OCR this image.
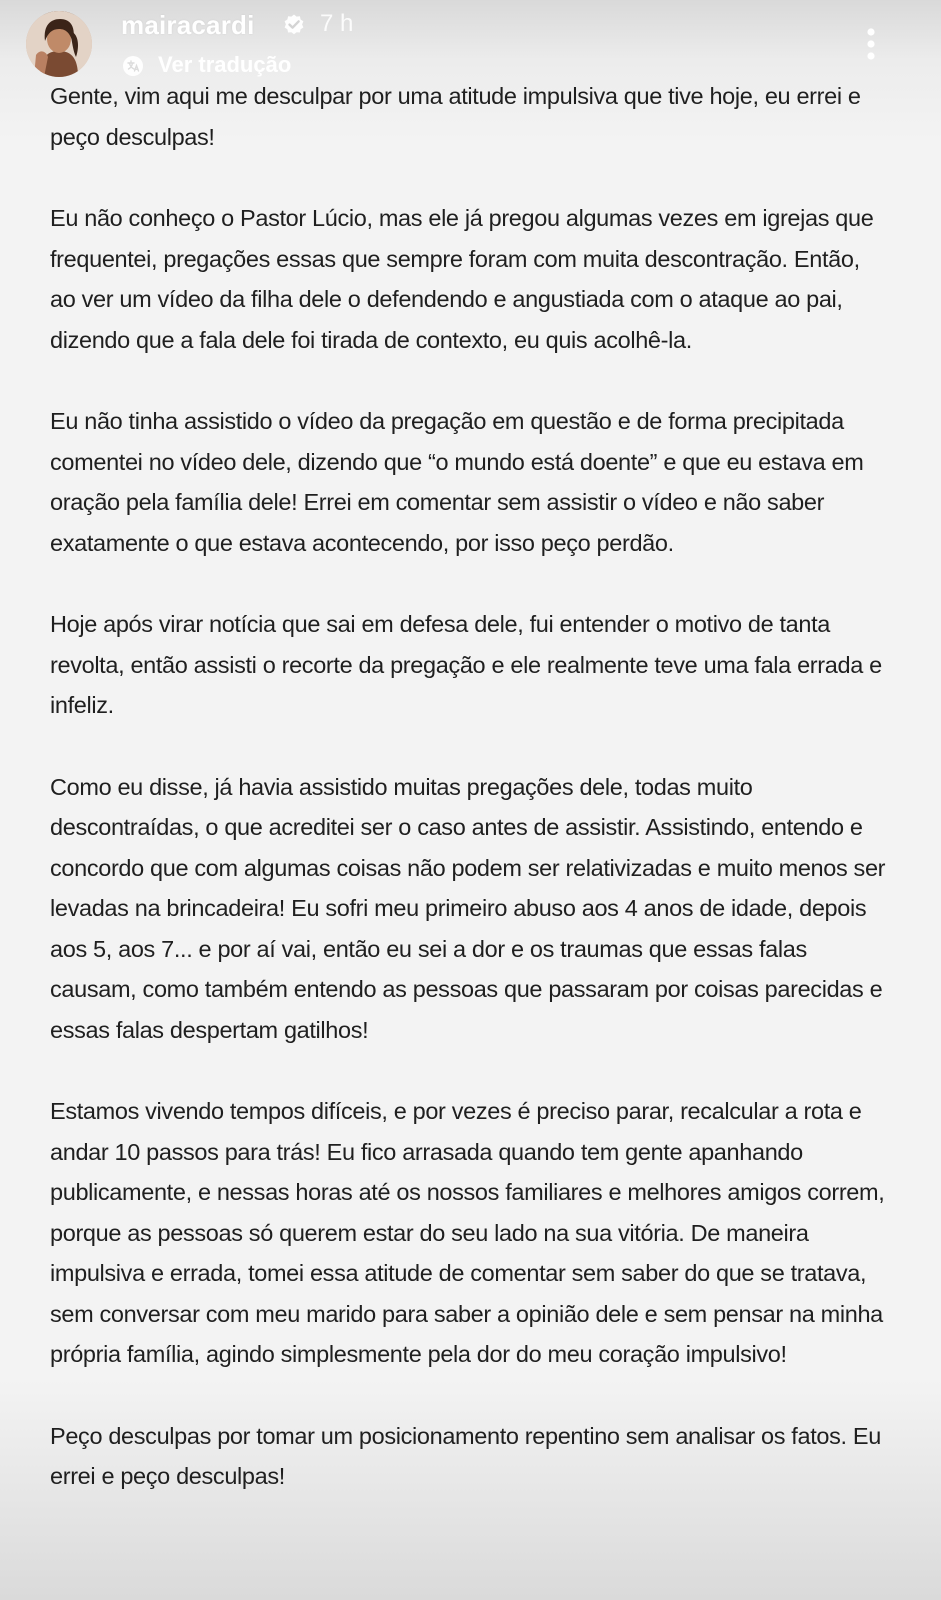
mairacardi	7 h
Ver tradução

Gente, vim aqui me desculpar por uma atitude impulsiva que tive hoje, eu errei e peço desculpas!

Eu não conheço o Pastor Lúcio, mas ele já pregou algumas vezes em igrejas que frequentei, pregações essas que sempre foram com muita descontração. Então, ao ver um vídeo da filha dele o defendendo e angustiada com o ataque ao pai, dizendo que a fala dele foi tirada de contexto, eu quis acolhê-la.

Eu não tinha assistido o vídeo da pregação em questão e de forma precipitada comentei no vídeo dele, dizendo que “o mundo está doente” e que eu estava em oração pela família dele! Errei em comentar sem assistir o vídeo e não saber exatamente o que estava acontecendo, por isso peço perdão.

Hoje após virar notícia que sai em defesa dele, fui entender o motivo de tanta revolta, então assisti o recorte da pregação e ele realmente teve uma fala errada e infeliz.

Como eu disse, já havia assistido muitas pregações dele, todas muito descontraídas, o que acreditei ser o caso antes de assistir. Assistindo, entendo e concordo que com algumas coisas não podem ser relativizadas e muito menos ser levadas na brincadeira! Eu sofri meu primeiro abuso aos 4 anos de idade, depois aos 5, aos 7... e por aí vai, então eu sei a dor e os traumas que essas falas causam, como também entendo as pessoas que passaram por coisas parecidas e essas falas despertam gatilhos!

Estamos vivendo tempos difíceis, e por vezes é preciso parar, recalcular a rota e andar 10 passos para trás! Eu fico arrasada quando tem gente apanhando publicamente, e nessas horas até os nossos familiares e melhores amigos correm, porque as pessoas só querem estar do seu lado na sua vitória. De maneira impulsiva e errada, tomei essa atitude de comentar sem saber do que se tratava, sem conversar com meu marido para saber a opinião dele e sem pensar na minha própria família, agindo simplesmente pela dor do meu coração impulsivo!

Peço desculpas por tomar um posicionamento repentino sem analisar os fatos. Eu errei e peço desculpas!
